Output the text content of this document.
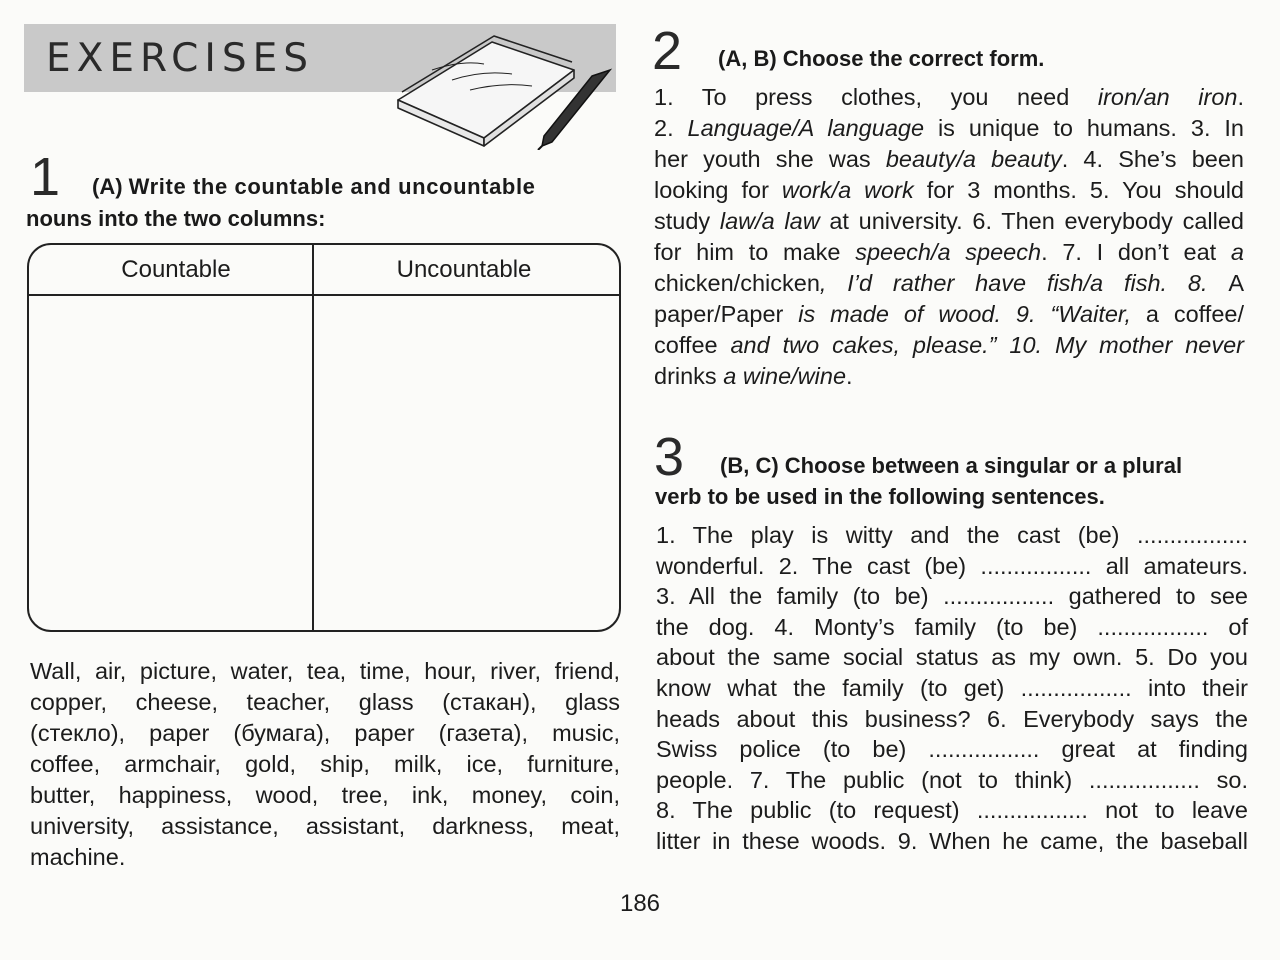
EXERCISES
1 (A) Write the countable and uncountable
nouns into the two columns:
Countable	Uncountable
Wall, air, picture, water, tea, time, hour, river, friend,
copper, cheese, teacher, glass (стакан), glass
(стекло), paper (бумага), paper (газета), music,
coffee, armchair, gold, ship, milk, ice, furniture,
butter, happiness, wood, tree, ink, money, coin,
university, assistance, assistant, darkness, meat,
machine.
2 (A, B) Choose the correct form.
1. To press clothes, you need iron/an iron.
2. Language/A language is unique to humans. 3. In
her youth she was beauty/a beauty. 4. She’s been
looking for work/a work for 3 months. 5. You should
study law/a law at university. 6. Then everybody called
for him to make speech/a speech. 7. I don’t eat a
chicken/chicken, I’d rather have fish/a fish. 8. A
paper/Paper is made of wood. 9. “Waiter, a coffee/
coffee and two cakes, please.” 10. My mother never
drinks a wine/wine.
3 (B, C) Choose between a singular or a plural
verb to be used in the following sentences.
1. The play is witty and the cast (be) .................
wonderful. 2. The cast (be) ................. all amateurs.
3. All the family (to be) ................. gathered to see
the dog. 4. Monty’s family (to be) ................. of
about the same social status as my own. 5. Do you
know what the family (to get) ................. into their
heads about this business? 6. Everybody says the
Swiss police (to be) ................. great at finding
people. 7. The public (not to think) ................. so.
8. The public (to request) ................. not to leave
litter in these woods. 9. When he came, the baseball
186
